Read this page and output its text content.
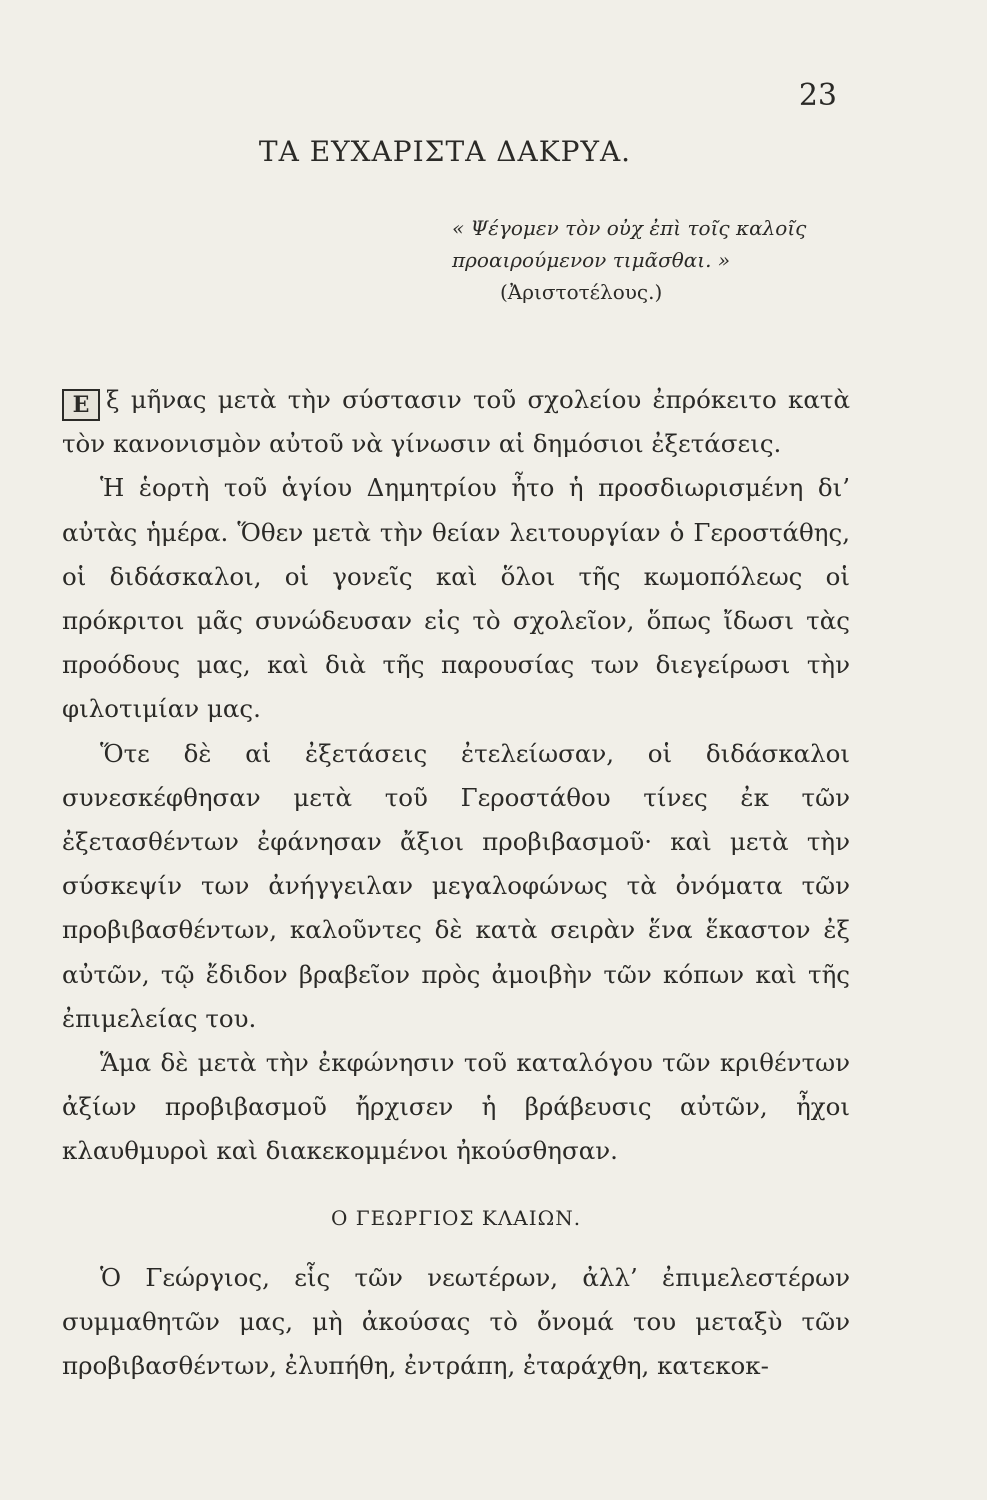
23
ΤΑ ΕΥΧΑΡΙΣΤΑ ΔΑΚΡΥΑ.
« Ψέγομεν τὸν οὐχ ἐπὶ τοῖς καλοῖς
προαιρούμενον τιμᾶσθαι. »
(Ἀριστοτέλους.)

Ε ξ μῆνας μετὰ τὴν σύστασιν τοῦ σχολείου ἐπρόκειτο κατὰ τὸν κανονισμὸν αὐτοῦ νὰ γίνωσιν αἱ δημόσιοι ἐξετάσεις.

Ἡ ἑορτὴ τοῦ ἁγίου Δημητρίου ἦτο ἡ προσδιωρισμένη δι’ αὐτὰς ἡμέρα. Ὅθεν μετὰ τὴν θείαν λειτουργίαν ὁ Γεροστάθης, οἱ διδάσκαλοι, οἱ γονεῖς καὶ ὅλοι τῆς κωμοπόλεως οἱ πρόκριτοι μᾶς συνώδευσαν εἰς τὸ σχολεῖον, ὅπως ἴδωσι τὰς προόδους μας, καὶ διὰ τῆς παρουσίας των διεγείρωσι τὴν φιλοτιμίαν μας.

Ὅτε δὲ αἱ ἐξετάσεις ἐτελείωσαν, οἱ διδάσκαλοι συνεσκέφθησαν μετὰ τοῦ Γεροστάθου τίνες ἐκ τῶν ἐξετασθέντων ἐφάνησαν ἄξιοι προβιβασμοῦ· καὶ μετὰ τὴν σύσκεψίν των ἀνήγγειλαν μεγαλοφώνως τὰ ὀνόματα τῶν προβιβασθέντων, καλοῦντες δὲ κατὰ σειρὰν ἕνα ἕκαστον ἐξ αὐτῶν, τῷ ἔδιδον βραβεῖον πρὸς ἀμοιβὴν τῶν κόπων καὶ τῆς ἐπιμελείας του.

Ἅμα δὲ μετὰ τὴν ἐκφώνησιν τοῦ καταλόγου τῶν κριθέντων ἀξίων προβιβασμοῦ ἤρχισεν ἡ βράβευσις αὐτῶν, ἦχοι κλαυθμυροὶ καὶ διακεκομμένοι ἠκούσθησαν.

Ο ΓΕΩΡΓΙΟΣ ΚΛΑΙΩΝ.

Ὁ Γεώργιος, εἷς τῶν νεωτέρων, ἀλλ’ ἐπιμελεστέρων συμμαθητῶν μας, μὴ ἀκούσας τὸ ὄνομά του μεταξὺ τῶν προβιβασθέντων, ἐλυπήθη, ἐντράπη, ἐταράχθη, κατεκοκ-
